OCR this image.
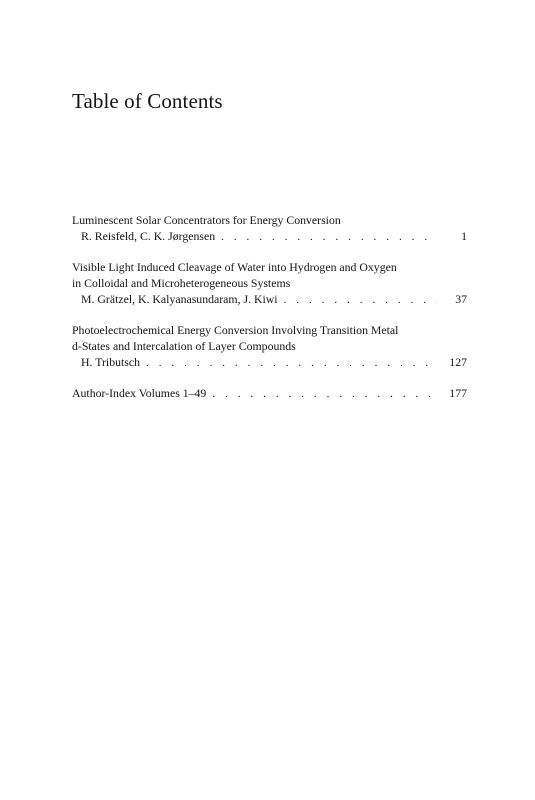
Table of Contents
Luminescent Solar Concentrators for Energy Conversion
R. Reisfeld, C. K. Jørgensen . . .	1
Visible Light Induced Cleavage of Water into Hydrogen and Oxygen
in Colloidal and Microheterogeneous Systems
M. Grätzel, K. Kalyanasundaram, J. Kiwi . . .	37
Photoelectrochemical Energy Conversion Involving Transition Metal
d-States and Intercalation of Layer Compounds
H. Tributsch . . .	127
Author-Index Volumes 1–49 . . .	177
